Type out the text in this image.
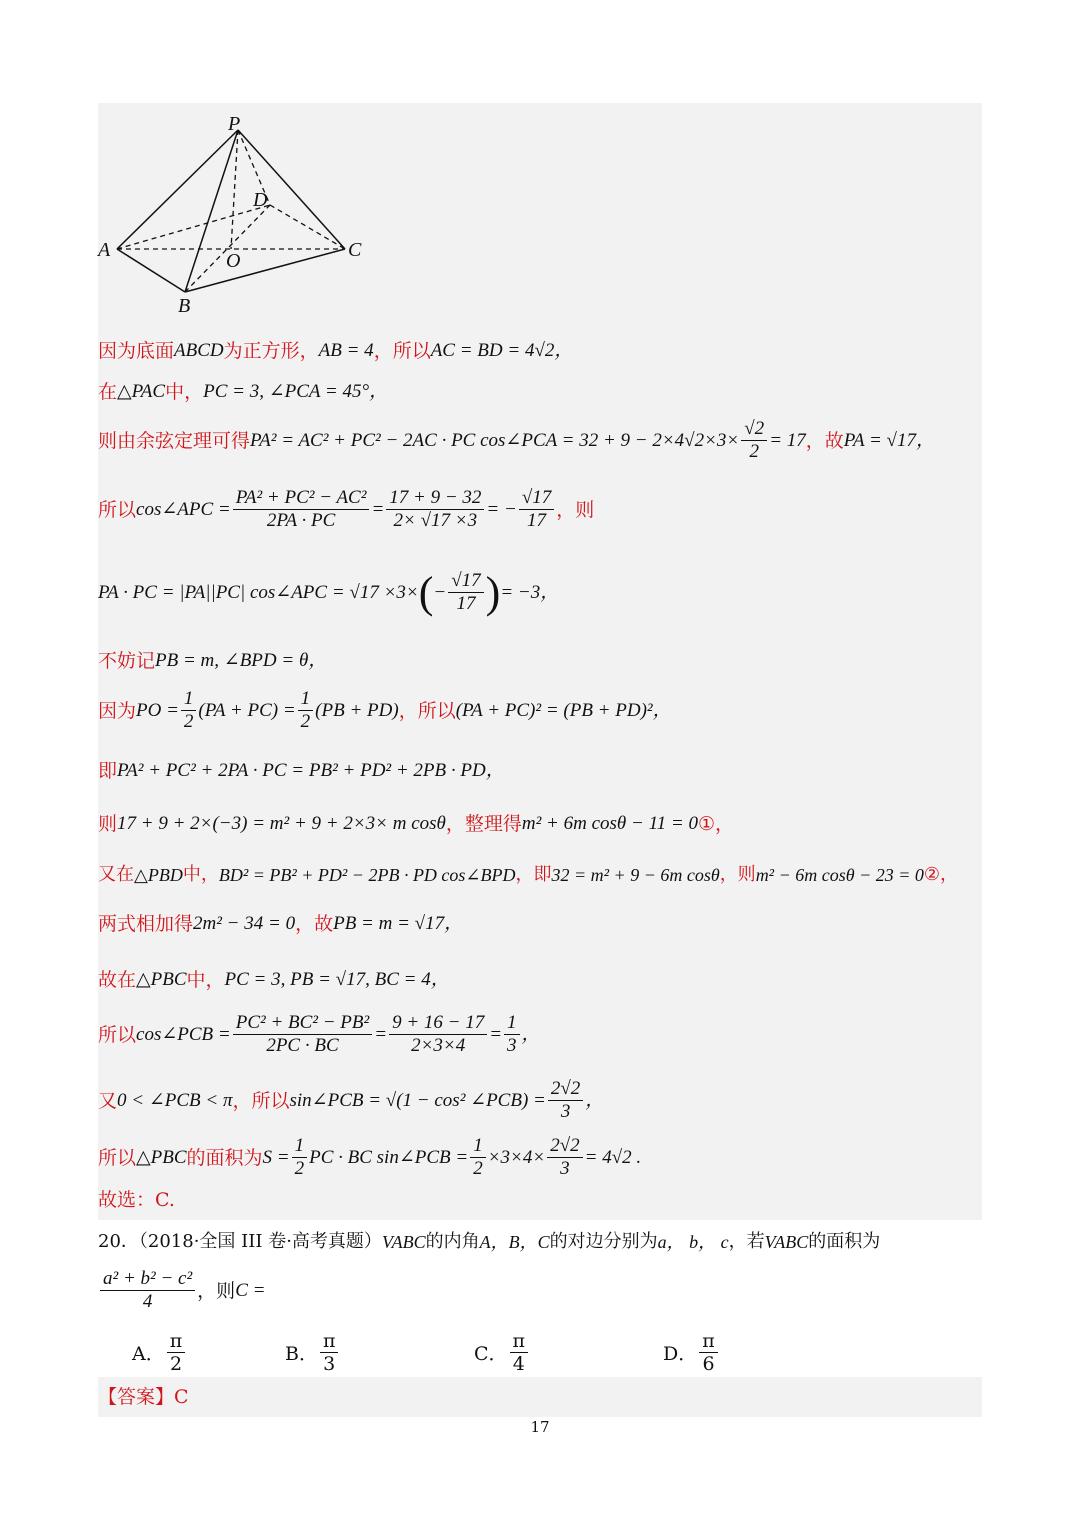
P
A
B
C
D
O
因为底面 ABCD 为正方形， AB = 4 ，所以 AC = BD = 4√2 ，
在 △PAC 中， PC = 3, ∠PCA = 45° ，
则由余弦定理可得 PA² = AC² + PC² − 2AC · PC cos∠PCA = $32 + 9 - 2\times 4√2\times 3\times \frac{√2}{2} = 17$ ，故 PA = √17 ，
所以 cos∠APC = $\frac{\text{PA² + PC² − AC²}}{2PA \cdot PC} = \frac{17 + 9 - 32}{2\times √17 \times 3}$ = − $\frac{√17}{17}$ ，则
PA · PC = |PA||PC| cos∠APC = √17 ×3× ( − $\frac{√17}{17}$ ) = −3 ，
不妨记 PB = m, ∠BPD = θ ，
因为 PO = $\frac{1}{2} (PA + PC) = \frac{1}{2} (PB + PD)$ ，所以 (PA + PC)² = (PB + PD)² ，
即 PA² + PC² + 2PA · PC = PB² + PD² + 2PB · PD ，
则 17 + 9 + 2×(−3) = m² + 9 + 2×3× m cosθ ，整理得 m² + 6m cosθ − 11 = 0 ①，
又在 △PBD 中， BD² = PB² + PD² − 2PB · PD cos∠BPD ，即 32 = m² + 9 − 6m cosθ ，则 m² − 6m cosθ − 23 = 0 ②，
两式相加得 2m² − 34 = 0 ，故 PB = m = √17 ，
故在 △PBC 中， PC = 3, PB = √17, BC = 4 ，
所以 cos∠PCB = $\frac{\text{PC² + BC² − PB²}}{2PC \cdot BC} = \frac{9 + 16 - 17}{2\times 3\times 4} = \frac{1}{3}$ ，
又 0 < ∠PCB < π ，所以 sin∠PCB = √(1 − cos² ∠PCB) = $\frac{2√2}{3}$ ，
所以 △PBC 的面积为 $S = \frac{1}{2}$ PC · BC sin∠PCB = $\frac{1}{2} \times 3\times 4\times \frac{2√2}{3} = 4√2$ .
故选：C.
20．（2018·全国 III 卷·高考真题） VABC 的内角 A，B，C 的对边分别为 a， b， c ，若 VABC 的面积为
$\frac{\text{a² + b² − c²}}{4}$ ，则 C =
A． $\frac{\pi}{2}$	B． $\frac{\pi}{3}$	C． $\frac{\pi}{4}$	D． $\frac{\pi}{6}$
【答案】 C
17
